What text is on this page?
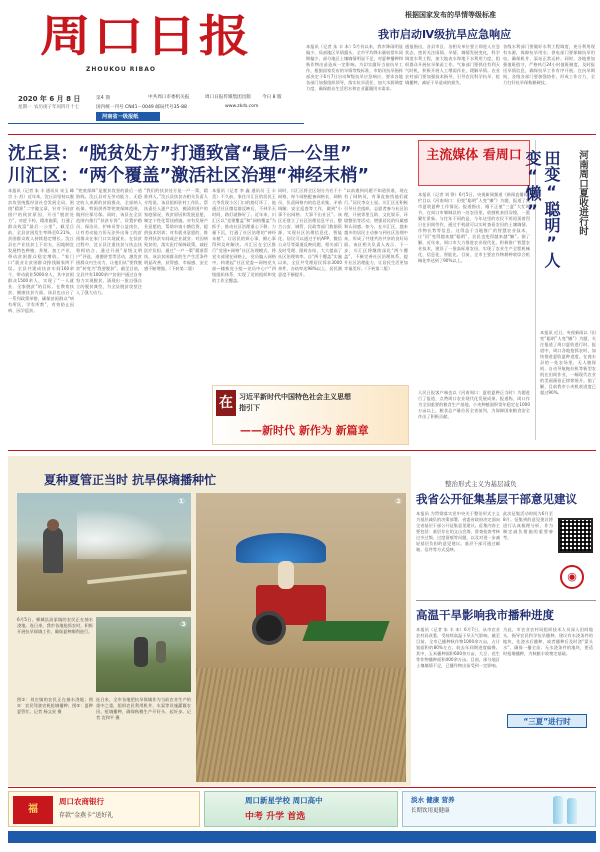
周口日报
ZHOUKOU RIBAO
2020 年 6 月 8 日
星期一 农历庚子年闰四月十七
第4 期	中共周口市委机关报	周口日报传媒集团出版 今日 8 版
国内统一刊号 CN41－0049 邮局代号35-88	www.zkrb.com
河南省一级报纸
根据国家发布的旱情等级标准
我市启动Ⅳ级抗旱应急响应
本报讯（记者 朱 丰 本）5月份以来，我市降雨明显偏少，局部地区旱情露头，全市平均降水量较常年同期偏少，部分地区土壤墒情明显不足，对夏种播种和秋作物出苗造成一定影响。为切实做好当前抗旱工作，根据国家发布的旱情等级标准，市防汛抗旱指挥部决定于6月7日启动Ⅳ级抗旱应急响应，要求各地各部门加强组织领导，落实抗旱责任，加大水源调度力度，确保群众生活用水和农业灌溉用水需求。
通报指出，各县市区、各相关单位要立即进入应急状态，密切关注雨情、旱情、墒情发展变化，科学调度水利工程，加大地表水和地下水利用力度，组织群众开展抗旱保苗工作。气象部门要抓住有利天气时机，积极开展人工增雨作业，缓解旱情。农业农村部门要加强技术指导，引导农民科学抗旱、抢墒播种，减轻干旱造成的损失。
各级水利部门要做好水利工程调度，充分利用现有水源，保障抗旱用水；供电部门要保障抗旱用电，确保机井、泵站正常运转。同时，各地要加强值班值守，严格执行24小时值班制度，及时报送旱情信息，确保抗旱工作有序开展。在抗旱期间，各级各部门要加强协作，形成工作合力，全力打好抗旱保秋粮硬仗。
沈丘县：“脱贫处方”打通致富“最后一公里”
川汇区：“两个覆盖”激活社区治理“神经末梢”
本报讯（记者 朱 丰 通讯员 宋玉 峰 宗 小 苏）近年来，沈丘县坚持以脱贫攻坚统揽经济社会发展全局，围绕“精准”二字做文章，针对不同贫困户的致贫原因，开出“脱贫处方”，对症下药，精准施策，打通了群众致富“最后一公里”。截至目前，全县贫困发生率降至0.21%，贫困群众收入持续稳定增长。沈丘县在产业扶贫上下功夫，因地制宜发展特色种植、养殖、加工产业，带动贫困群众稳定增收。“家门口”就业让贫困群众挣钱顾家两不误。全县共建成扶贫车间160余个，带动就业5000余人，其中贫困群众1500余人，实现了“一人就业、全家脱贫”的目标。在教育扶贫、健康扶贫方面，该县也出台了一系列政策举措，确保贫困群众“病有所医、学有所教”，有效防止因病、因学返贫。
“兜底保障”是脱贫攻坚的最后一道防线。沈丘县对无劳动能力、无稳定收入来源的贫困群众，全部纳入低保、特困供养等兜底保障范围，做到应保尽保。同时，该县在全县范围内推行“扶贫专岗”，设置护路员、保洁员、护林员等公益岗位，让有劳动能力但无法外出务工的贫困群众在家门口实现就业。在扶贫过程中，沈丘县注重扶贫与扶志扶智相结合，通过开展“星级文明户”评选、道德讲堂等活动，激发贫困群众内生动力，让他们从“要我脱贫”转变为“我要脱贫”。截至目前，全县共有1000余户贫困户通过自身努力实现脱贫，涌现出一批自强自立的脱贫典型，为全县脱贫攻坚注入了强大动力。
“我们的扶贫处方是一户一策，精准到人。”沈丘县扶贫办相关负责人介绍说。该县组织驻村工作队、帮扶责任人逐户走访，摸清贫困户的家庭情况、致贫原因和发展意愿，制定个性化帮扶措施。对有发展产业意愿的，帮助申请小额信贷，提供技术培训；对有就业意愿的，推荐到扶贫车间或企业就业；对因病致贫的，落实医疗保障政策，减轻医疗负担。通过“一户一策”精准帮扶，该县贫困群众的生产生活条件明显改善，获得感、幸福感、安全感不断增强。（下转第二版）
本报讯（记者 李 鑫 通讯员 王 丰 美）不久前，家住川汇区的居民王大爷发现小区门口的路灯坏了，他通过社区微信群反映后，不到半天时间，路灯就修好了。近年来，川汇区以“党建覆盖”和“网格覆盖”为抓手，推动社区治理重心下移、力量下沉，打通了社区治理的“神经末梢”，让居民的烦心事、揪心事得到及时解决。川汇区在全区推行“党建+网格”社区治理模式，将党支部建在网格上，党员编入网格中，构建起“社区党委—网格党支部—楼栋党小组—党员中心户”四级组织体系，实现了党的组织和党的工作全覆盖。
同时，川汇区将全区划分为若干个网格，每个网格配备网格长、网格员，负责网格内的信息采集、矛盾调解、安全巡查等工作，做到“小事不出网格、大事不出社区”。该区还建立了社区治理信息平台，整合公安、城管、民政等部门数据资源，实现社区治理信息化、智能化。居民可以通过手机APP、微信公众号等渠道反映问题，相关部门及时受理、限时办结，大大提高了社区治理效率。自“两个覆盖”实施以来，全区共受理居民诉求3000余件，办结率达98%以上，居民满意度不断提升。
“以前遇到问题不知道找谁，现在有了网格员，有事直接找他们就行。”居民李女士说。川汇区还积极引导社会组织、志愿者参与社区治理，开展邻里互助、文化娱乐、环境整治等活动，增强居民的归属感和认同感。如今，在川汇区，越来越多的居民主动参与到社区治理中来，形成了共建共治共享的良好局面。该区相关负责人表示，下一步，川汇区将继续深化“两个覆盖”，不断完善社区治理体系，提升社区治理能力，让居民生活更加幸福美好。（下转第二版）
在 习近平新时代中国特色社会主义思想
指引下
——新时代 新作为 新篇章
主流媒体 看周口
本报讯（记者 刘 铮）6月5日，央视新闻频道《新闻直播间》栏目以《河南周口：田变“聪明”人变“懒”》为题，报道了我市夏收夏种工作情况。报道指出，眼下正值“三夏”大忙时节，在周口市郸城县的一处农田里，收割机来回穿梭，一派繁忙景象。与往年不同的是，今年这里的农民不用再顶着烈日在田间劳作，通过手机就可以实时查看农田的土壤墒情、作物长势等信息。这得益于当地推广的智慧农业技术，让“田”变得越来越“聪明”，农民也变得越来越“懒”。据了解，近年来，周口市大力推进农业现代化，积极推广智慧农业技术，建设了一批高标准农田，实现了农业生产全程机械化、信息化、智能化。目前，全市主要农作物耕种收综合机械化率达到了90%以上。
人民日报客户端也以《河南周口：夏收夏种正当时》为题进行了报道，点赞周口农业现代化发展成果。报道称，周口作为全国重要的粮食生产基地，小麦种植面积常年稳定在1000万亩以上，粮食总产量位居全省前列，为保障国家粮食安全作出了积极贡献。
田变“聪明”人变“懒”	河南周口夏收进行时
本报讯 近日，央视新闻以《田变“聪明”人变“懒”》为题，关注报道了周口夏收进行时。报道中，周口各地抢抓农时，加快推进夏收夏种进度。在商水县的一处农场里，无人植保机、自动导航拖拉机等新型农机在田间作业，一幅现代农业的美丽画卷正徐徐展开。据了解，目前我市小麦机收进度已超过90%。
夏种夏管正当时 抗旱保墒播种忙
①	②
③
6月5日，郸城县汲冢镇的农民正在抽水浇地。连日来，我市各地抢抓农时，积极开展抗旱保墒工作，确保夏种顺利进行。
图①：刘庄镇的农民正在抽水浇地；图②：农民驾驶农机抢墒播种；图③：夏种夏管忙。记者 杨文星 摄
连日来，全市各地把抗旱保墒作为当前农业生产的重中之重，组织农民利用机井、水泵等设施灌溉农田，抢墒播种，确保秋粮生产开好头、起好步。记者 沈和平 摄
整治形式主义为基层减负
我省公开征集基层干部意见建议
本报讯 为贯彻落实党中央关于整治形式主义为基层减负的决策部署，省委省政府决定面向全省基层干部公开征集意见建议。征集内容主要包括：基层存在的文山会海、督查检查考核过多过频、过度留痕等问题，以及对进一步减轻基层负担的意见建议。基层干部可通过邮箱、信件等方式反映。
此次征集活动时间为6月至8月。征集到的意见建议将进行认真梳理分析，作为制定减负措施的重要参考。
◉
高温干旱影响我市播种进度
本报讯（记者 朱 丰 本）6月7日，从市农业农村局获悉，受持续高温干旱天气影响，截至目前，全市已播种秋作物1000余万亩，占计划面积的80%左右，较去年同期进度偏慢。其中，玉米播种面积600余万亩，大豆、花生等作物播种面积400余万亩。目前，部分地区土壤墒情不足，已播作物出苗受到一定影响。
为此，市农业农村局组织技术人员深入田间地头，指导农民科学抗旱播种。建议有水浇条件的地块，先浇水后播种，或者播种后及时浇“蒙头水”，确保一播全苗；无水浇条件的地块，要适时抢墒播种，为秋粮丰收奠定基础。
“三夏”进行时
福
周口农商银行
存款“金燕卡”送好礼
周口新星学校 周口高中
中考 升学 首选
淡水 健康 营养
长期饮用更健康
社长 王彦涛	本期值班 张广平	编辑 王艳	审读 卢好	责任编辑 单华	排版 王刚	新闻热线 8234300	广告热线 6190066	投诉热线 6029999
